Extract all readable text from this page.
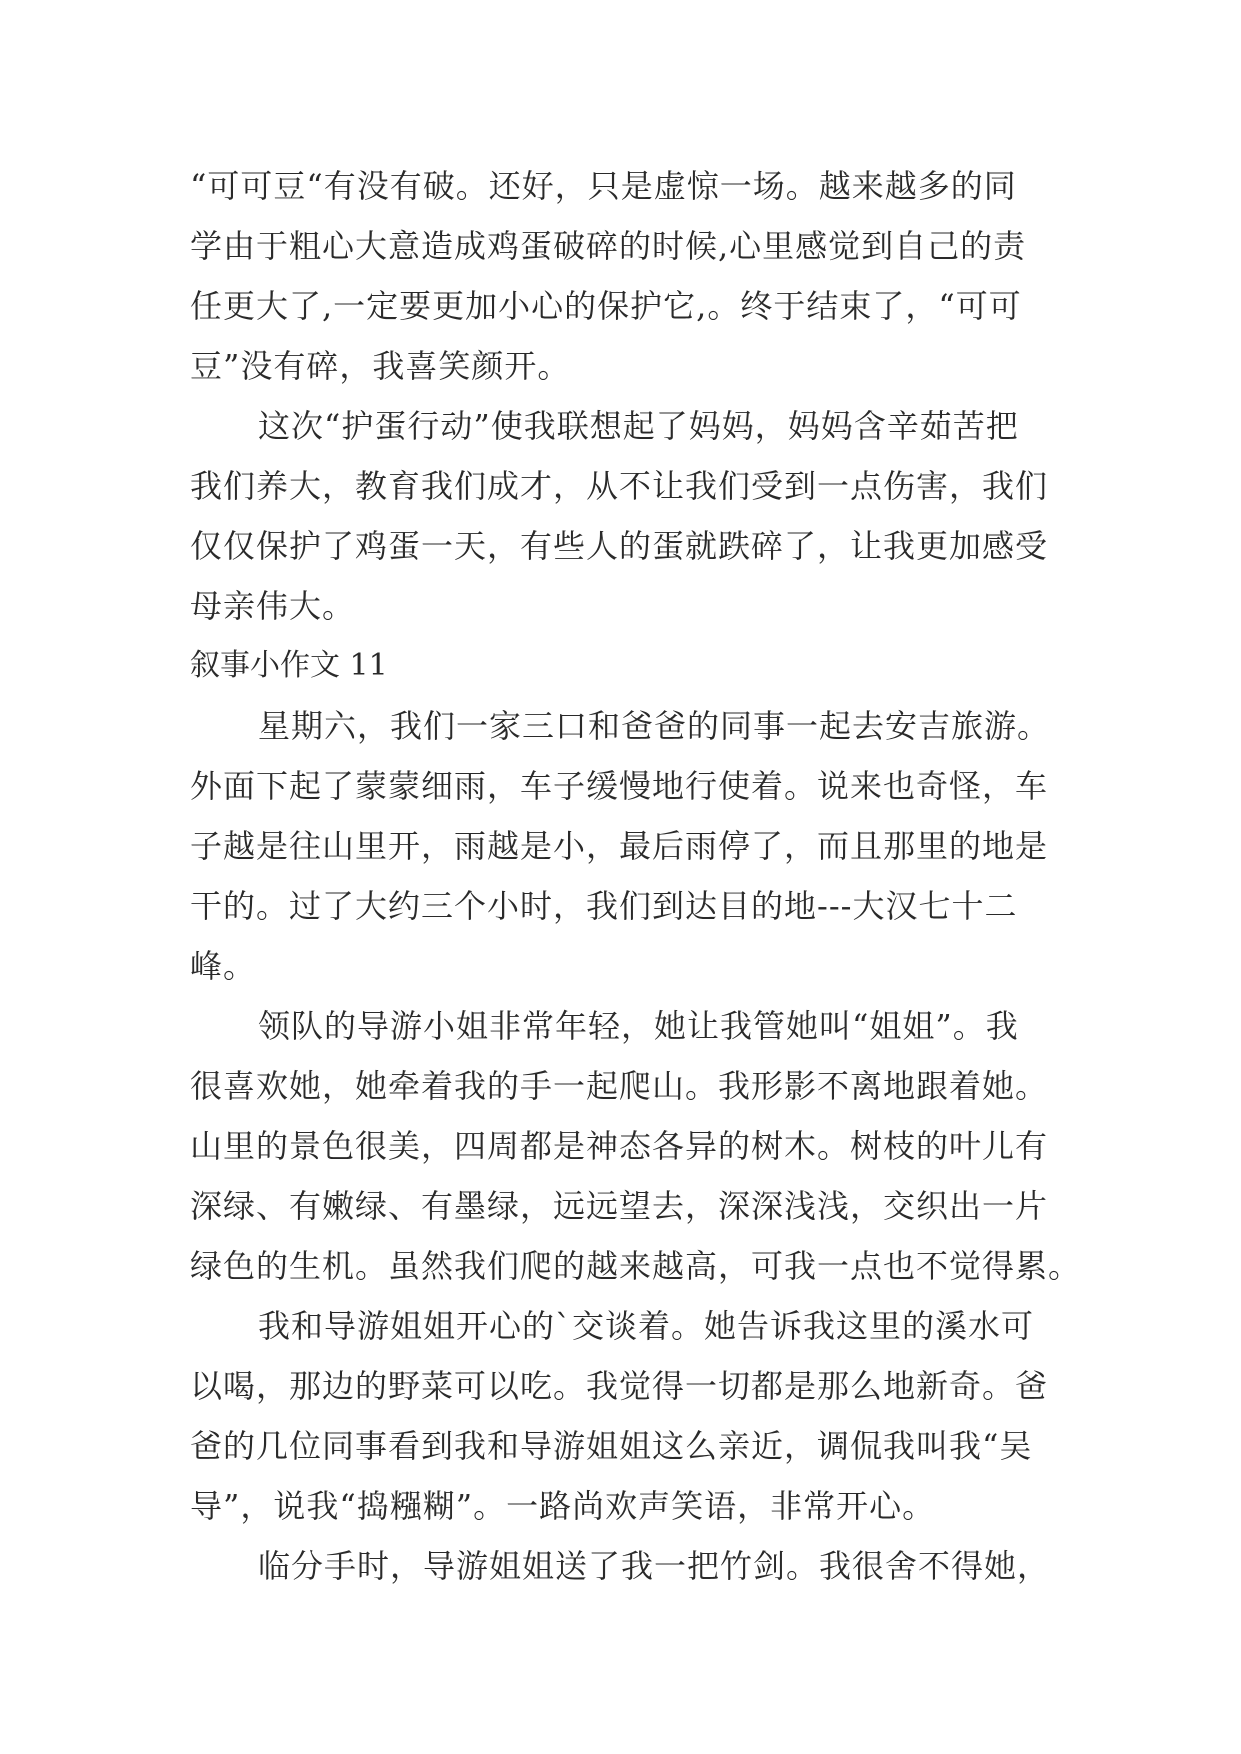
“可可豆“有没有破。还好，只是虚惊一场。越来越多的同
学由于粗心大意造成鸡蛋破碎的时候,心里感觉到自己的责
任更大了,一定要更加小心的保护它,。终于结束了，“可可
豆”没有碎，我喜笑颜开。
这次“护蛋行动”使我联想起了妈妈，妈妈含辛茹苦把
我们养大，教育我们成才，从不让我们受到一点伤害，我们
仅仅保护了鸡蛋一天，有些人的蛋就跌碎了，让我更加感受
母亲伟大。
叙事小作文 11
星期六，我们一家三口和爸爸的同事一起去安吉旅游。
外面下起了蒙蒙细雨，车子缓慢地行使着。说来也奇怪，车
子越是往山里开，雨越是小，最后雨停了，而且那里的地是
干的。过了大约三个小时，我们到达目的地---大汉七十二
峰。
领队的导游小姐非常年轻，她让我管她叫“姐姐”。我
很喜欢她，她牵着我的手一起爬山。我形影不离地跟着她。
山里的景色很美，四周都是神态各异的树木。树枝的叶儿有
深绿、有嫩绿、有墨绿，远远望去，深深浅浅，交织出一片
绿色的生机。虽然我们爬的越来越高，可我一点也不觉得累。
我和导游姐姐开心的`交谈着。她告诉我这里的溪水可
以喝，那边的野菜可以吃。我觉得一切都是那么地新奇。爸
爸的几位同事看到我和导游姐姐这么亲近，调侃我叫我“吴
导”，说我“捣糨糊”。一路尚欢声笑语，非常开心。
临分手时，导游姐姐送了我一把竹剑。我很舍不得她，
